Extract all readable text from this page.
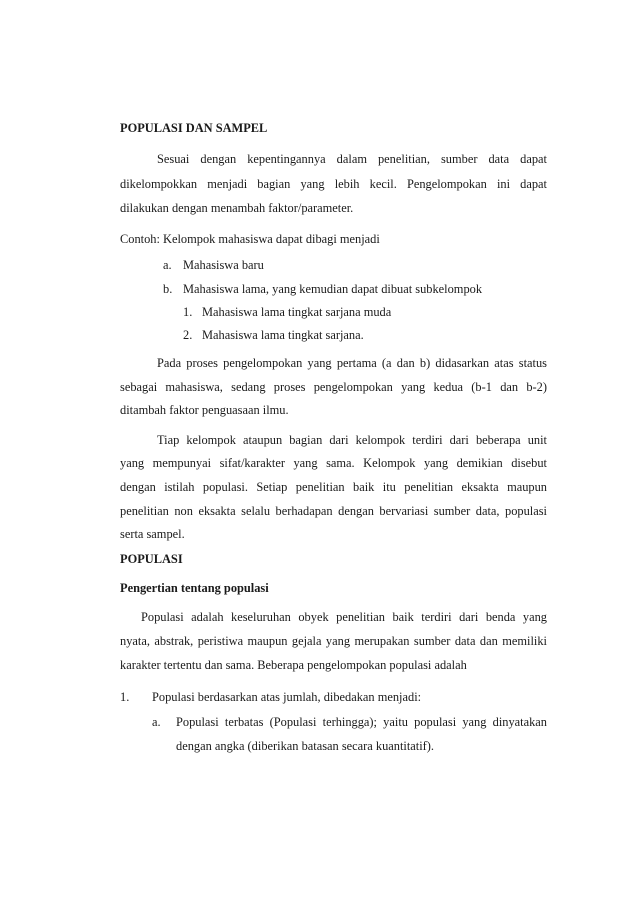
POPULASI DAN SAMPEL
Sesuai dengan kepentingannya dalam penelitian, sumber data dapat
dikelompokkan menjadi bagian yang lebih kecil. Pengelompokan ini dapat
dilakukan dengan menambah faktor/parameter.
Contoh: Kelompok mahasiswa dapat dibagi menjadi
a. Mahasiswa baru
b. Mahasiswa lama, yang kemudian dapat dibuat subkelompok
1. Mahasiswa lama tingkat sarjana muda
2. Mahasiswa lama tingkat sarjana.
Pada proses pengelompokan yang pertama (a dan b) didasarkan atas status
sebagai mahasiswa, sedang proses pengelompokan yang kedua (b-1 dan b-2)
ditambah faktor penguasaan ilmu.
Tiap kelompok ataupun bagian dari kelompok terdiri dari beberapa unit
yang mempunyai sifat/karakter yang sama. Kelompok yang demikian disebut
dengan istilah populasi. Setiap penelitian baik itu penelitian eksakta maupun
penelitian non eksakta selalu berhadapan dengan bervariasi sumber data, populasi
serta sampel.
POPULASI
Pengertian tentang populasi
Populasi adalah keseluruhan obyek penelitian baik terdiri dari benda yang
nyata, abstrak, peristiwa maupun gejala yang merupakan sumber data dan memiliki
karakter tertentu dan sama. Beberapa pengelompokan populasi adalah
1. Populasi berdasarkan atas jumlah, dibedakan menjadi:
a. Populasi terbatas (Populasi terhingga); yaitu populasi yang dinyatakan
dengan angka (diberikan batasan secara kuantitatif).
